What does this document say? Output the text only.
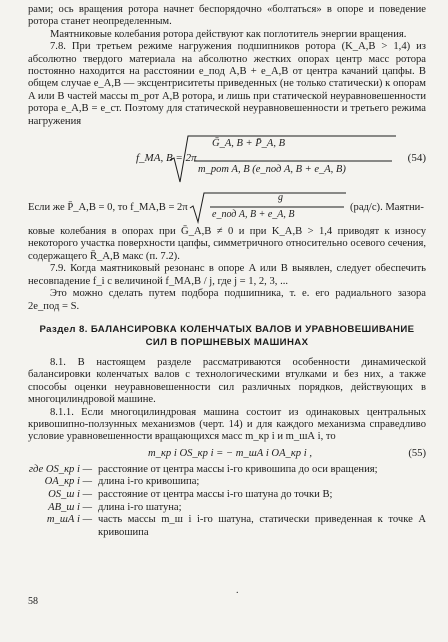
рами; ось вращения ротора начнет беспорядочно «болтаться» в опоре и поведение ротора станет неопределенным.

Маятниковые колебания ротора действуют как поглотитель энергии вращения.

7.8. При третьем режиме нагружения подшипников ротора (K_A,B > 1,4) из абсолютно твердого материала на абсолютно жестких опорах центр масс ротора постоянно находится на расстоянии e_под A,B + e_A,B от центра качаний цапфы. В общем случае e_A,B — эксцентриситеты приведенных (не только статически) к опорам A или B частей массы m_рот A,B ротора, и лишь при статической неуравновешенности ротора e_A,B = e_ст. Поэтому для статической неуравновешенности и третьего режима нагружения

f_MA, B = 2π
Ḡ_A, B + P̄_A, B
m_рот A, B (e_под A, B + e_A, B)
(54)
Если же P̄_A,B = 0, то f_MA,B = 2π
g
e_под A, B + e_A, B
(рад/с). Маятни-

ковые колебания в опорах при Ḡ_A,B ≠ 0 и при K_A,B > 1,4 приводят к износу некоторого участка поверхности цапфы, симметричного относительно осевого сечения, содержащего R̄_A,B макс (п. 7.2).

7.9. Когда маятниковый резонанс в опоре A или B выявлен, следует обеспечить несовпадение f_i с величиной f_MA,B / j, где j = 1, 2, 3, ...

Это можно сделать путем подбора подшипника, т. е. его радиального зазора 2e_под = S.

Раздел 8. БАЛАНСИРОВКА КОЛЕНЧАТЫХ ВАЛОВ И УРАВНОВЕШИВАНИЕ СИЛ В ПОРШНЕВЫХ МАШИНАХ

8.1. В настоящем разделе рассматриваются особенности динамической балансировки коленчатых валов с технологическими втулками и без них, а также способы оценки неуравновешенности сил различных порядков, действующих в многоцилиндровой машине.

8.1.1. Если многоцилиндровая машина состоит из одинаковых центральных кривошипно-ползунных механизмов (черт. 14) и для каждого механизма справедливо условие уравновешенности вращающихся масс m_кр i и m_шА i, то

m_кр i OS_кр i = − m_шА i OA_кр i ,	(55)
где OS_кр i — расстояние от центра массы i-го кривошипа до оси вращения;
OA_кр i — длина i-го кривошипа;
OS_ш i — расстояние от центра массы i-го шатуна до точки B;
AB_ш i — длина i-го шатуна;
m_шА i — часть массы m_ш i i-го шатуна, статически приведенная к точке A кривошипа
.
58
